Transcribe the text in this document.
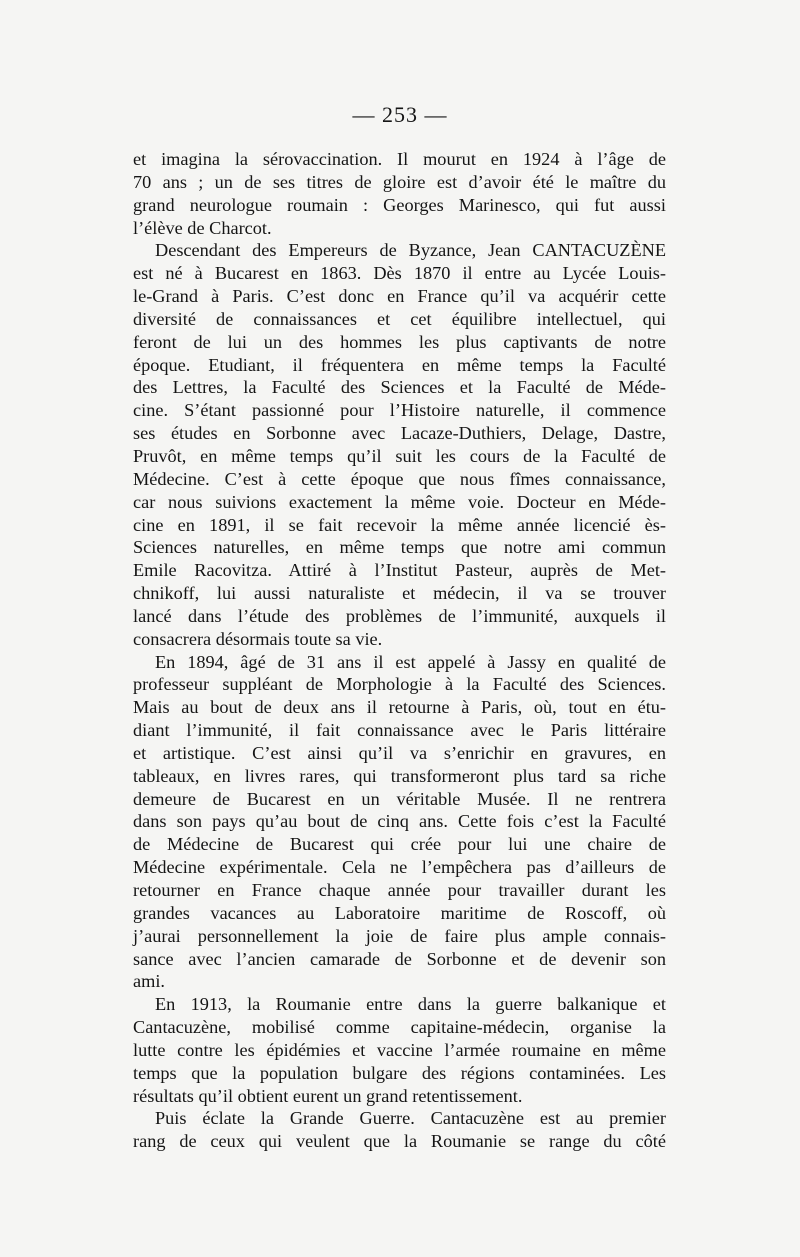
— 253 —
et imagina la sérovaccination. Il mourut en 1924 à l’âge de
70 ans ; un de ses titres de gloire est d’avoir été le maître du
grand neurologue roumain : Georges Marinesco, qui fut aussi
l’élève de Charcot.
Descendant des Empereurs de Byzance, Jean CANTACUZÈNE
est né à Bucarest en 1863. Dès 1870 il entre au Lycée Louis-
le-Grand à Paris. C’est donc en France qu’il va acquérir cette
diversité de connaissances et cet équilibre intellectuel, qui
feront de lui un des hommes les plus captivants de notre
époque. Etudiant, il fréquentera en même temps la Faculté
des Lettres, la Faculté des Sciences et la Faculté de Méde-
cine. S’étant passionné pour l’Histoire naturelle, il commence
ses études en Sorbonne avec Lacaze-Duthiers, Delage, Dastre,
Pruvôt, en même temps qu’il suit les cours de la Faculté de
Médecine. C’est à cette époque que nous fîmes connaissance,
car nous suivions exactement la même voie. Docteur en Méde-
cine en 1891, il se fait recevoir la même année licencié ès-
Sciences naturelles, en même temps que notre ami commun
Emile Racovitza. Attiré à l’Institut Pasteur, auprès de Met-
chnikoff, lui aussi naturaliste et médecin, il va se trouver
lancé dans l’étude des problèmes de l’immunité, auxquels il
consacrera désormais toute sa vie.
En 1894, âgé de 31 ans il est appelé à Jassy en qualité de
professeur suppléant de Morphologie à la Faculté des Sciences.
Mais au bout de deux ans il retourne à Paris, où, tout en étu-
diant l’immunité, il fait connaissance avec le Paris littéraire
et artistique. C’est ainsi qu’il va s’enrichir en gravures, en
tableaux, en livres rares, qui transformeront plus tard sa riche
demeure de Bucarest en un véritable Musée. Il ne rentrera
dans son pays qu’au bout de cinq ans. Cette fois c’est la Faculté
de Médecine de Bucarest qui crée pour lui une chaire de
Médecine expérimentale. Cela ne l’empêchera pas d’ailleurs de
retourner en France chaque année pour travailler durant les
grandes vacances au Laboratoire maritime de Roscoff, où
j’aurai personnellement la joie de faire plus ample connais-
sance avec l’ancien camarade de Sorbonne et de devenir son
ami.
En 1913, la Roumanie entre dans la guerre balkanique et
Cantacuzène, mobilisé comme capitaine-médecin, organise la
lutte contre les épidémies et vaccine l’armée roumaine en même
temps que la population bulgare des régions contaminées. Les
résultats qu’il obtient eurent un grand retentissement.
Puis éclate la Grande Guerre. Cantacuzène est au premier
rang de ceux qui veulent que la Roumanie se range du côté
